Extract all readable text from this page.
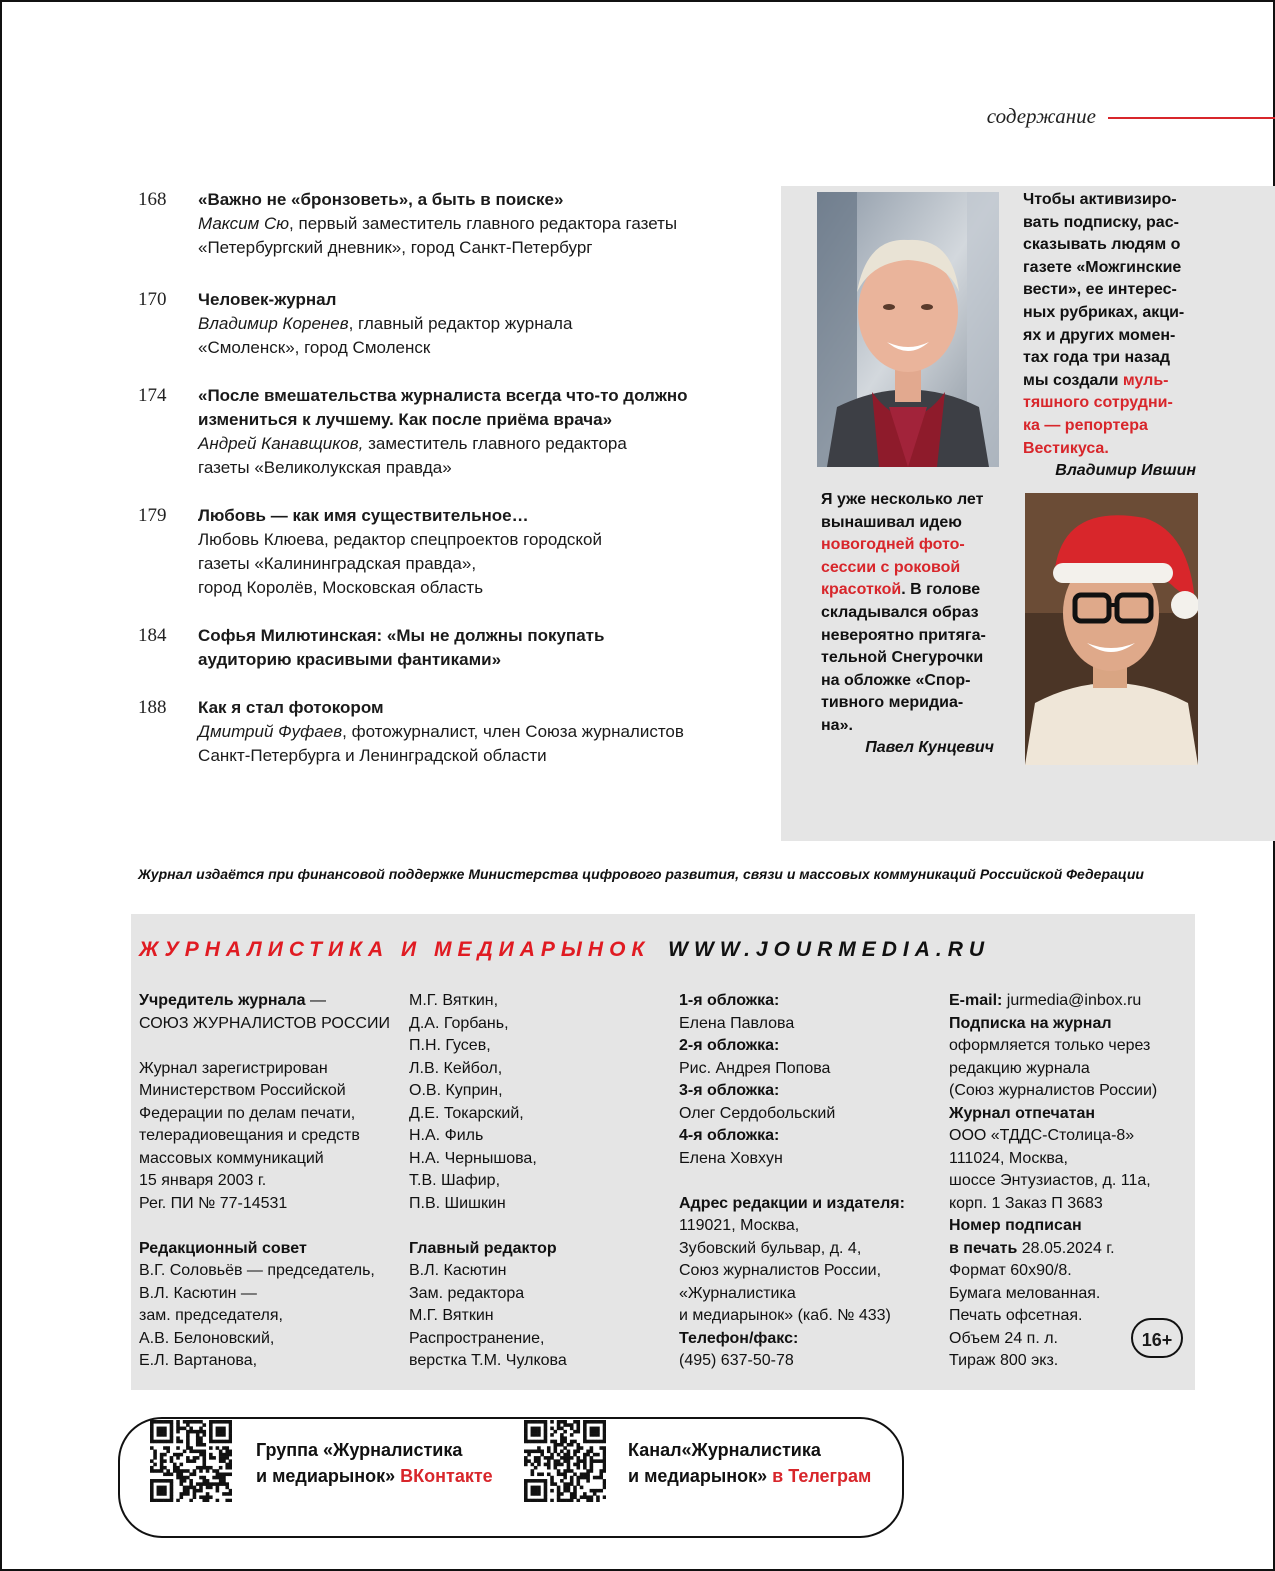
содержание
168	«Важно не «бронзоветь», а быть в поиске»
Максим Сю, первый заместитель главного редактора газеты
«Петербургский дневник», город Санкт-Петербург
170	Человек-журнал
Владимир Коренев, главный редактор журнала
«Смоленск», город Смоленск
174	«После вмешательства журналиста всегда что-то должно
измениться к лучшему. Как после приёма врача»
Андрей Канавщиков, заместитель главного редактора
газеты «Великолукская правда»
179	Любовь — как имя существительное…
Любовь Клюева, редактор спецпроектов городской
газеты «Калининградская правда»,
город Королёв, Московская область
184	Софья Милютинская: «Мы не должны покупать
аудиторию красивыми фантиками»
188	Как я стал фотокором
Дмитрий Фуфаев, фотожурналист, член Союза журналистов
Санкт-Петербурга и Ленинградской области
Чтобы активизиро-
вать подписку, рас-
сказывать людям о
газете «Можгинские
вести», ее интерес-
ных рубриках, акци-
ях и других момен-
тах года три назад
мы создали муль-
тяшного сотрудни-
ка — репортера
Вестикуса.
Владимир Ившин
Я уже несколько лет
вынашивал идею
новогодней фото-
сессии с роковой
красоткой. В голове
складывался образ
невероятно притяга-
тельной Снегурочки
на обложке «Спор-
тивного меридиа-
на».
Павел Кунцевич
Журнал издаётся при финансовой поддержке Министерства цифрового развития, связи и массовых коммуникаций Российской Федерации
ЖУРНАЛИСТИКА И МЕДИАРЫНОК WWW.JOURMEDIA.RU
Учредитель журнала —
СОЮЗ ЖУРНАЛИСТОВ РОССИИ
Журнал зарегистрирован
Министерством Российской
Федерации по делам печати,
телерадиовещания и средств
массовых коммуникаций
15 января 2003 г.
Рег. ПИ № 77-14531
Редакционный совет
В.Г. Соловьёв — председатель,
В.Л. Касютин —
зам. председателя,
А.В. Белоновский,
Е.Л. Вартанова,
М.Г. Вяткин,
Д.А. Горбань,
П.Н. Гусев,
Л.В. Кейбол,
О.В. Куприн,
Д.Е. Токарский,
Н.А. Филь
Н.А. Чернышова,
Т.В. Шафир,
П.В. Шишкин
Главный редактор
В.Л. Касютин
Зам. редактора
М.Г. Вяткин
Распространение,
верстка Т.М. Чулкова
1-я обложка:
Елена Павлова
2-я обложка:
Рис. Андрея Попова
3-я обложка:
Олег Сердобольский
4-я обложка:
Елена Ховхун
Адрес редакции и издателя:
119021, Москва,
Зубовский бульвар, д. 4,
Союз журналистов России,
«Журналистика
и медиарынок» (каб. № 433)
Телефон/факс:
(495) 637-50-78
E-mail: jurmedia@inbox.ru
Подписка на журнал
оформляется только через
редакцию журнала
(Союз журналистов России)
Журнал отпечатан
ООО «ТДДС-Столица-8»
111024, Москва,
шоссе Энтузиастов, д. 11а,
корп. 1 Заказ П 3683
Номер подписан
в печать 28.05.2024 г.
Формат 60х90/8.
Бумага мелованная.
Печать офсетная.
Объем 24 п. л.
Тираж 800 экз.
16+
Группа «Журналистика
и медиарынок» ВКонтакте
Канал«Журналистика
и медиарынок» в Телеграм
